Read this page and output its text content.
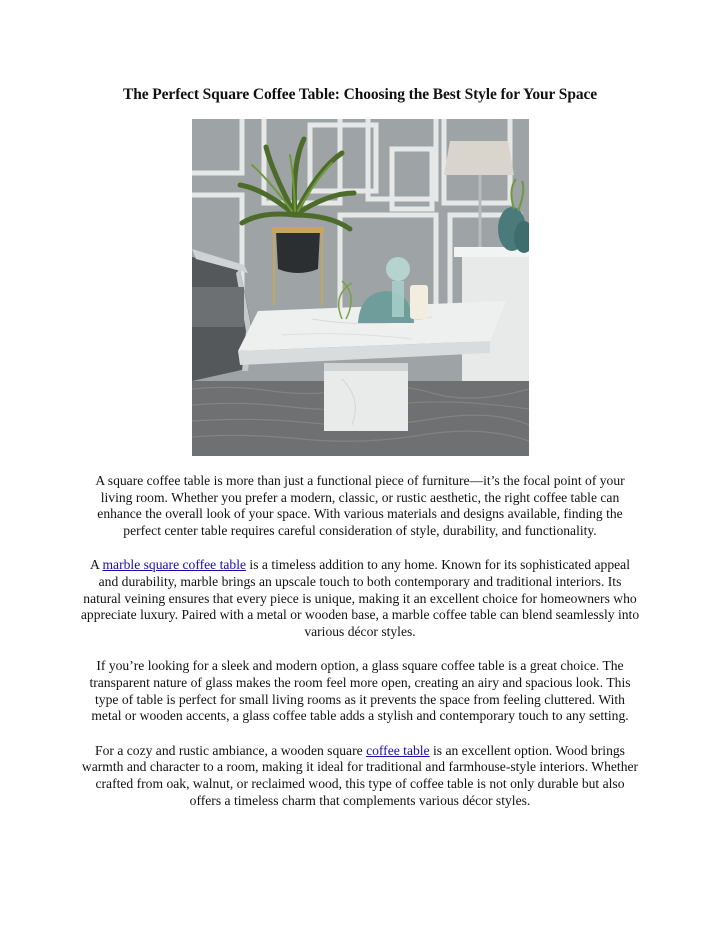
The Perfect Square Coffee Table: Choosing the Best Style for Your Space

A square coffee table is more than just a functional piece of furniture—it’s the focal point of your living room. Whether you prefer a modern, classic, or rustic aesthetic, the right coffee table can enhance the overall look of your space. With various materials and designs available, finding the perfect center table requires careful consideration of style, durability, and functionality.

A marble square coffee table is a timeless addition to any home. Known for its sophisticated appeal and durability, marble brings an upscale touch to both contemporary and traditional interiors. Its natural veining ensures that every piece is unique, making it an excellent choice for homeowners who appreciate luxury. Paired with a metal or wooden base, a marble coffee table can blend seamlessly into various décor styles.

If you’re looking for a sleek and modern option, a glass square coffee table is a great choice. The transparent nature of glass makes the room feel more open, creating an airy and spacious look. This type of table is perfect for small living rooms as it prevents the space from feeling cluttered. With metal or wooden accents, a glass coffee table adds a stylish and contemporary touch to any setting.

For a cozy and rustic ambiance, a wooden square coffee table is an excellent option. Wood brings warmth and character to a room, making it ideal for traditional and farmhouse-style interiors. Whether crafted from oak, walnut, or reclaimed wood, this type of coffee table is not only durable but also offers a timeless charm that complements various décor styles.
